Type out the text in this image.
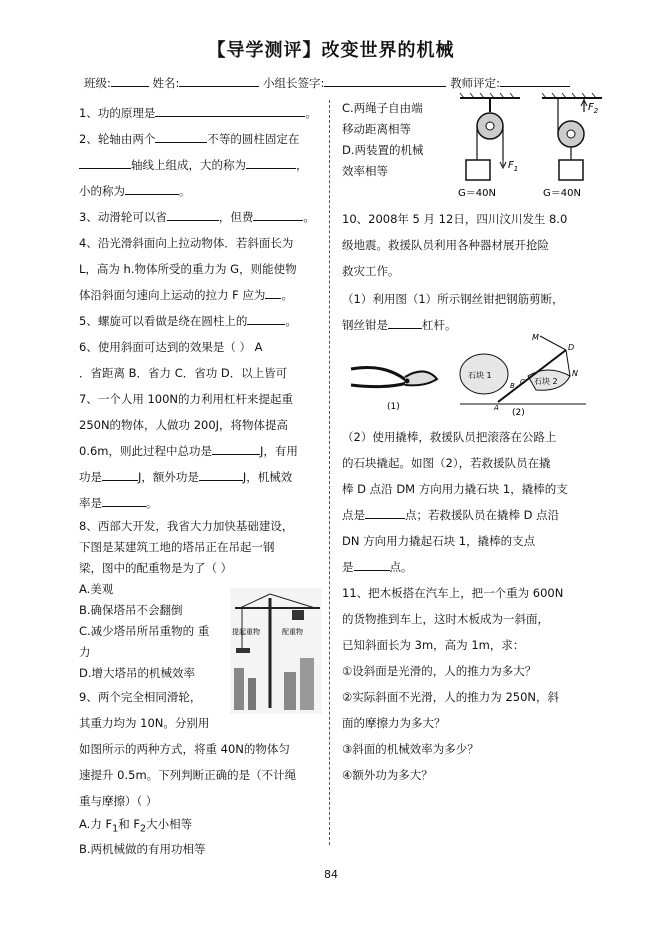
【导学测评】改变世界的机械
班级:	姓名:	小组长签字:	教师评定:

1、功的原理是	。

2、轮轴由两个	不等的圆柱固定在

轴线上组成，大的称为	，

小的称为	。

3、动滑轮可以省	，但费	。

4、沿光滑斜面向上拉动物体．若斜面长为

L，高为 h.物体所受的重力为 G，则能使物

体沿斜面匀速向上运动的拉力 F 应为 。

5、螺旋可以看做是绕在圆柱上的	。

6、使用斜面可达到的效果是（ ） A

．省距离 B．省力 C．省功 D．以上皆可

7、一个人用 100N的力利用杠杆来提起重

250N的物体，人做功 200J，将物体提高

0.6m，则此过程中总功是	J，有用

功是	J，额外功是	J，机械效

率是	。

8、西部大开发，我省大力加快基础建设，

下图是某建筑工地的塔吊正在吊起一钢

梁，图中的配重物是为了（ ）

A.美观

B.确保塔吊不会翻倒

C.减少塔吊所吊重物的 重

力

D.增大塔吊的机械效率

9、两个完全相同滑轮，

其重力均为 10N。分别用

如图所示的两种方式，将重 40N的物体匀

速提升 0.5m。下列判断正确的是（不计绳

重与摩擦）（ ）

A.力 $F_1$和 $F_2$大小相等

B.两机械做的有用功相等

C.两绳子自由端

移动距离相等

D.两装置的机械

效率相等

10、2008年 5 月 12日，四川汶川发生 8.0

级地震。救援队员利用各种器材展开抢险

救灾工作。

（1）利用图（1）所示钢丝钳把钢筋剪断，

钢丝钳是	杠杆。

（2）使用撬棒，救援队员把滚落在公路上

的石块撬起。如图（2），若救援队员在撬

棒 D 点沿 DM 方向用力撬石块 1，撬棒的支

点是	点；若救援队员在撬棒 D 点沿

DN 方向用力撬起石块 1，撬棒的支点

是	点。

11、把木板搭在汽车上，把一个重为 600N

的货物推到车上，这时木板成为一斜面，

已知斜面长为 3m，高为 1m，求：

①设斜面是光滑的，人的推力为多大？

②实际斜面不光滑，人的推力为 250N，斜

面的摩擦力为多大？

③斜面的机械效率为多少？

④额外功为多大？

$F_1$
G＝40N
$F_2$
G＝40N
提起重物	配重物
(1)
石块 1
石块 2
M
D
N
B C
A (2)
84
